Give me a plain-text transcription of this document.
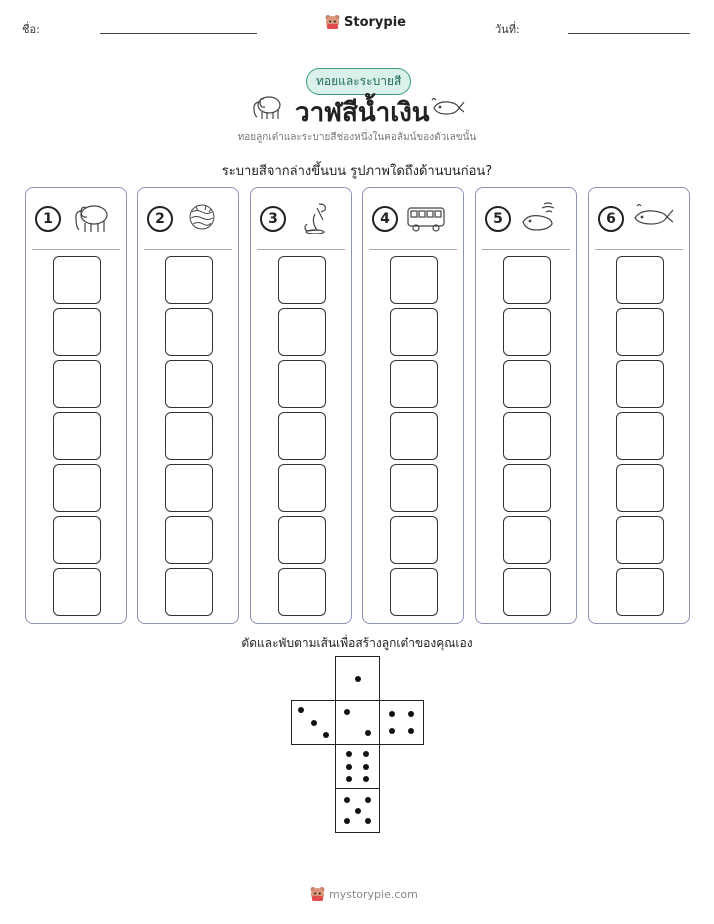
ชื่อ:	Storypie	วันที่:
ทอยและระบายสี
วาฬสีน้ำเงิน
ทอยลูกเต๋าและระบายสีช่องหนึ่งในคอลัมน์ของตัวเลขนั้น
ระบายสีจากล่างขึ้นบน รูปภาพใดถึงด้านบนก่อน?
1	2	3	4	5	6
ตัดและพับตามเส้นเพื่อสร้างลูกเต๋าของคุณเอง
mystorypie.com
